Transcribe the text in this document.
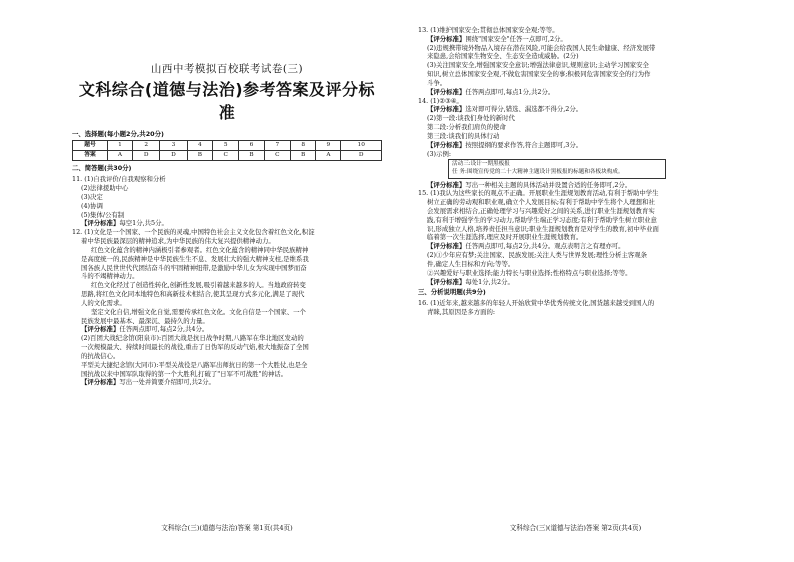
山西中考模拟百校联考试卷(三)
文科综合(道德与法治)参考答案及评分标准
一、选择题(每小题2分,共20分)
题号	1	2	3	4	5	6	7	8	9	10
答案	A	D	D	B	C	B	C	B	A	D
二、简答题(共30分)

11. (1)自我评价/自我观察和分析

(2)法律援助中心

(3)决定

(4)协调

(5)集体/公有制

【评分标准】每空1分,共5分。

12. (1)文化是一个国家、一个民族的灵魂,中国特色社会主义文化包含着红色文化,积淀

着中华民族最深层的精神追求,为中华民族的伟大复兴提供精神动力。

红色文化蕴含的精神内涵极引者参观者。红色文化蕴含的精神同中华民族精神

是高度统一的,民族精神是中华民族生生不息、发展壮大的强大精神支柱,是维系我

国各族人民世世代代团结奋斗的牢固精神纽带,是激励中华儿女为实现中国梦而奋

斗的不竭精神动力。

红色文化经过了创造性转化,创新性发展,吸引着越来越多的人。当地政府转变

思路,将红色文化同本地特色和高新技术相结合,使其呈现方式多元化,满足了现代

人的文化需求。

坚定文化自信,增强文化自觉,需要传承红色文化。文化自信是一个国家、一个

民族发展中最基本、最深沉、最持久的力量。

【评分标准】任答两点即可,每点2分,共4分。

(2)百团大战纪念馆(阳泉市):百团大战是抗日战争时期,八路军在华北地区发动的

一次规模最大、持续时间最长的战役,重击了日伪军的反动气焰,极大地振奋了全国

的抗战信心。

平型关大捷纪念馆(大同市):平型关战役是八路军出师抗日的第一个大胜仗,也是全

国抗战以来中国军队取得的第一个大胜利,打破了"日军不可战胜"的神话。

【评分标准】写出一处并简要介绍即可,共2分。

13. (1)维护国家安全;贯彻总体国家安全观;等等。

【评分标准】围绕"国家安全"任答一点即可,2分。

(2)违规携带境外物品入境存在潜在风险,可能会给我国人民生命健康、经济发展带

来隐患,会给国家生物安全、生态安全造成威胁。(2分)

(3)关注国家安全,增强国家安全意识;增强法律意识,规则意识;主动学习国家安全

知识,树立总体国家安全观,不做危害国家安全的事;积极同危害国家安全的行为作

斗争。

【评分标准】任答两点即可,每点1分,共2分。

14. (1)②③④。

【评分标准】选对即可得分,错选、漏选都不得分,2分。

(2)第一段:谈我们身处的新时代

第二段:分析我们肩负的使命

第三段:谈我们的具体行动

【评分标准】按照提纲的要求作答,符合主题即可,3分。

(3)示例:

活动三:设计一期黑板报

任 务:围绕宣传党的二十大精神主题设计黑板报的标题和各板块构成。

【评分标准】写出一种相关主题的具体活动并设置合适的任务即可,2分。

15. (1)我认为这些家长的观点不正确。开展职业生涯规划教育活动,有利于帮助中学生

树立正确的劳动观和职业观,确立个人发展目标;有利于帮助中学生将个人理想和社

会发展需求相结合,正确处理学习与兴趣爱好之间的关系,进行职业生涯规划教育实

践,有利于增强学生的学习动力,帮助学生端正学习态度;有利于帮助学生树立职业意

识,形成独立人格,培养责任担当意识;职业生涯规划教育是对学生的教育,初中毕业面

临着第一次生涯选择,理应及时开展职业生涯规划教育。

【评分标准】任答两点即可,每点2分,共4分。观点表明言之有理亦可。

(2)①少年应有梦;关注国家、民族发展;关注人类与世界发展;理性分析主客观条

件,确定人生目标和方向;等等。

②兴趣爱好与职业选择;能力特长与职业选择;性格特点与职业选择;等等。

【评分标准】每处1分,共2分。

三、分析说明题(共9分)

16. (1)近年来,越来越多的年轻人开始欣赏中华优秀传统文化,国货越来越受到国人的

青睐,其原因是多方面的:

文科综合(三)(道德与法治)答案 第1页(共4页)	文科综合(三)(道德与法治)答案 第2页(共4页)
